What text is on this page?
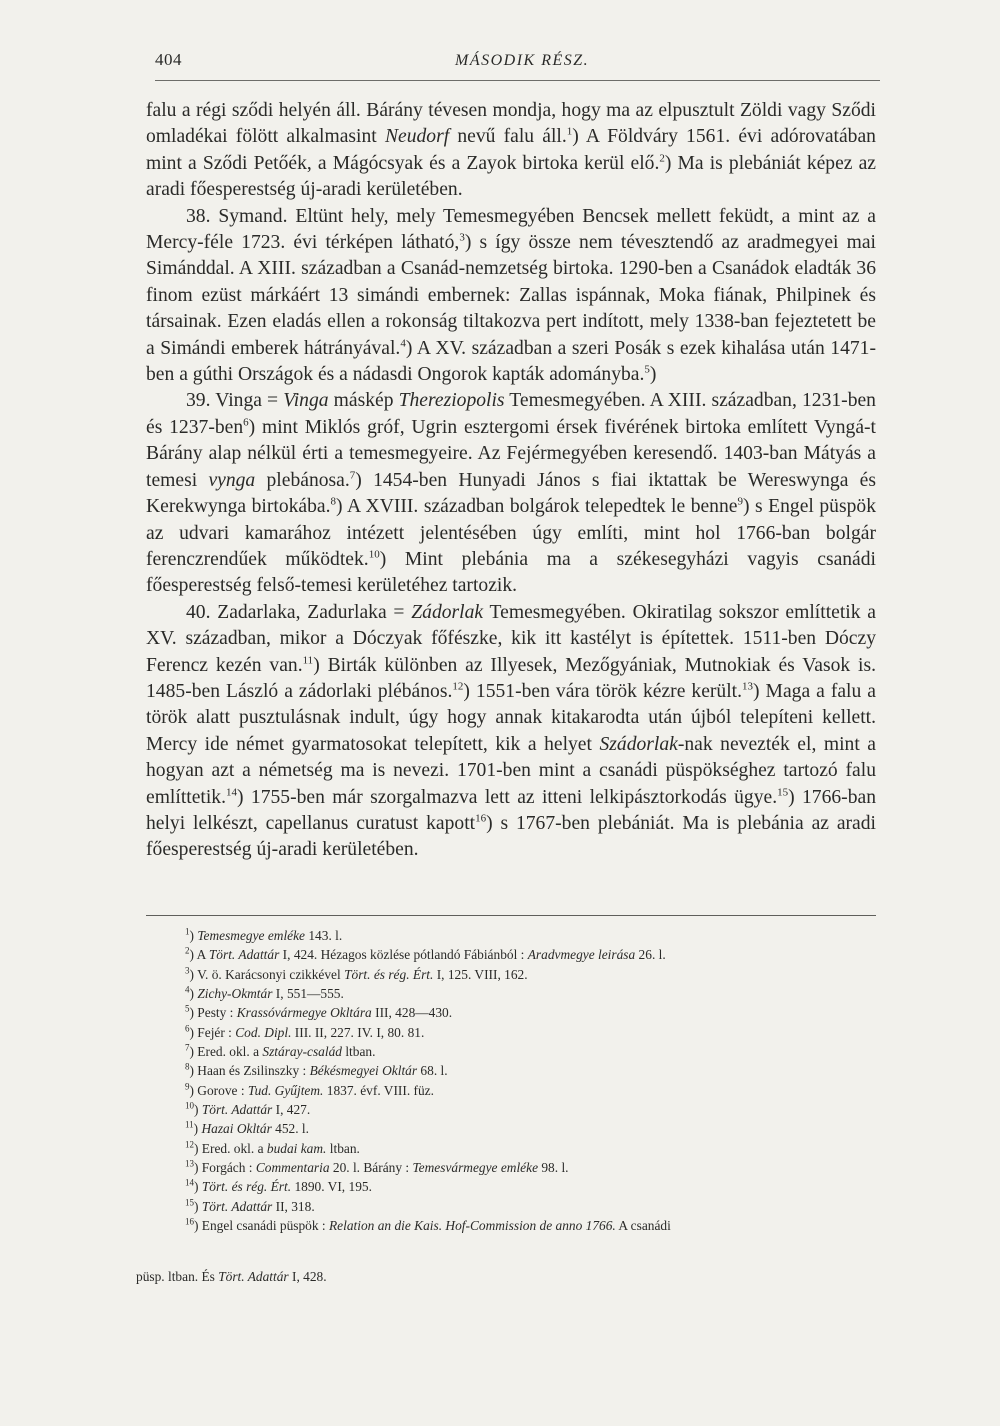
404	MÁSODIK RÉSZ.

falu a régi sződi helyén áll. Bárány tévesen mondja, hogy ma az elpusztult Zöldi vagy Sződi omladékai fölött alkalmasint Neudorf nevű falu áll.$^1$) A Földváry 1561. évi adórovatában mint a Sződi Petőék, a Mágócsyak és a Zayok birtoka kerül elő.$^2$) Ma is plebániát képez az aradi főesperestség új-aradi kerületében.

38. Symand. Eltünt hely, mely Temesmegyében Bencsek mellett feküdt, a mint az a Mercy-féle 1723. évi térképen látható,$^3$) s így össze nem tévesztendő az aradmegyei mai Simánddal. A XIII. században a Csanád-nemzetség birtoka. 1290-ben a Csanádok eladták 36 finom ezüst márkáért 13 simándi embernek: Zallas ispánnak, Moka fiának, Philpinek és társainak. Ezen eladás ellen a rokonság tiltakozva pert indított, mely 1338-ban fejeztetett be a Simándi emberek hátrányával.$^4$) A XV. században a szeri Posák s ezek kihalása után 1471-ben a gúthi Országok és a nádasdi Ongorok kapták adományba.$^5$)

39. Vinga = Vinga máskép Thereziopolis Temesmegyében. A XIII. században, 1231-ben és 1237-ben$^6$) mint Miklós gróf, Ugrin esztergomi érsek fivérének birtoka említett Vyngá-t Bárány alap nélkül érti a temesmegyeire. Az Fejérmegyében keresendő. 1403-ban Mátyás a temesi vynga plebánosa.$^7$) 1454-ben Hunyadi János s fiai iktattak be Wereswynga és Kerekwynga birtokába.$^8$) A XVIII. században bolgárok telepedtek le benne$^9$) s Engel püspök az udvari kamarához intézett jelentésében úgy említi, mint hol 1766-ban bolgár ferenczrendűek működtek.$^{10}$) Mint plebánia ma a székesegyházi vagyis csanádi főesperestség felső-temesi kerületéhez tartozik.

40. Zadarlaka, Zadurlaka = Zádorlak Temesmegyében. Okiratilag sokszor említtetik a XV. században, mikor a Dóczyak főfészke, kik itt kastélyt is építettek. 1511-ben Dóczy Ferencz kezén van.$^{11}$) Birták különben az Illyesek, Mezőgyániak, Mutnokiak és Vasok is. 1485-ben László a zádorlaki plébános.$^{12}$) 1551-ben vára török kézre került.$^{13}$) Maga a falu a török alatt pusztulásnak indult, úgy hogy annak kitakarodta után újból telepíteni kellett. Mercy ide német gyarmatosokat telepített, kik a helyet Szádorlak-nak nevezték el, mint a hogyan azt a németség ma is nevezi. 1701-ben mint a csanádi püspökséghez tartozó falu említtetik.$^{14}$) 1755-ben már szorgalmazva lett az itteni lelkipásztorkodás ügye.$^{15}$) 1766-ban helyi lelkészt, capellanus curatust kapott$^{16}$) s 1767-ben plebániát. Ma is plebánia az aradi főesperestség új-aradi kerületében.

$^1$) Temesmegye emléke 143. l.

$^2$) A Tört. Adattár I, 424. Hézagos közlése pótlandó Fábiánból : Aradvmegye leirása 26. l.

$^3$) V. ö. Karácsonyi czikkével Tört. és rég. Ért. I, 125. VIII, 162.

$^4$) Zichy-Okmtár I, 551—555.

$^5$) Pesty : Krassóvármegye Okltára III, 428—430.

$^6$) Fejér : Cod. Dipl. III. II, 227. IV. I, 80. 81.

$^7$) Ered. okl. a Sztáray-család ltban.

$^8$) Haan és Zsilinszky : Békésmegyei Okltár 68. l.

$^9$) Gorove : Tud. Gyűjtem. 1837. évf. VIII. füz.

$^{10}$) Tört. Adattár I, 427.

$^{11}$) Hazai Okltár 452. l.

$^{12}$) Ered. okl. a budai kam. ltban.

$^{13}$) Forgách : Commentaria 20. l. Bárány : Temesvármegye emléke 98. l.

$^{14}$) Tört. és rég. Ért. 1890. VI, 195.

$^{15}$) Tört. Adattár II, 318.

$^{16}$) Engel csanádi püspök : Relation an die Kais. Hof-Commission de anno 1766. A csanádi

püsp. ltban. És Tört. Adattár I, 428.
